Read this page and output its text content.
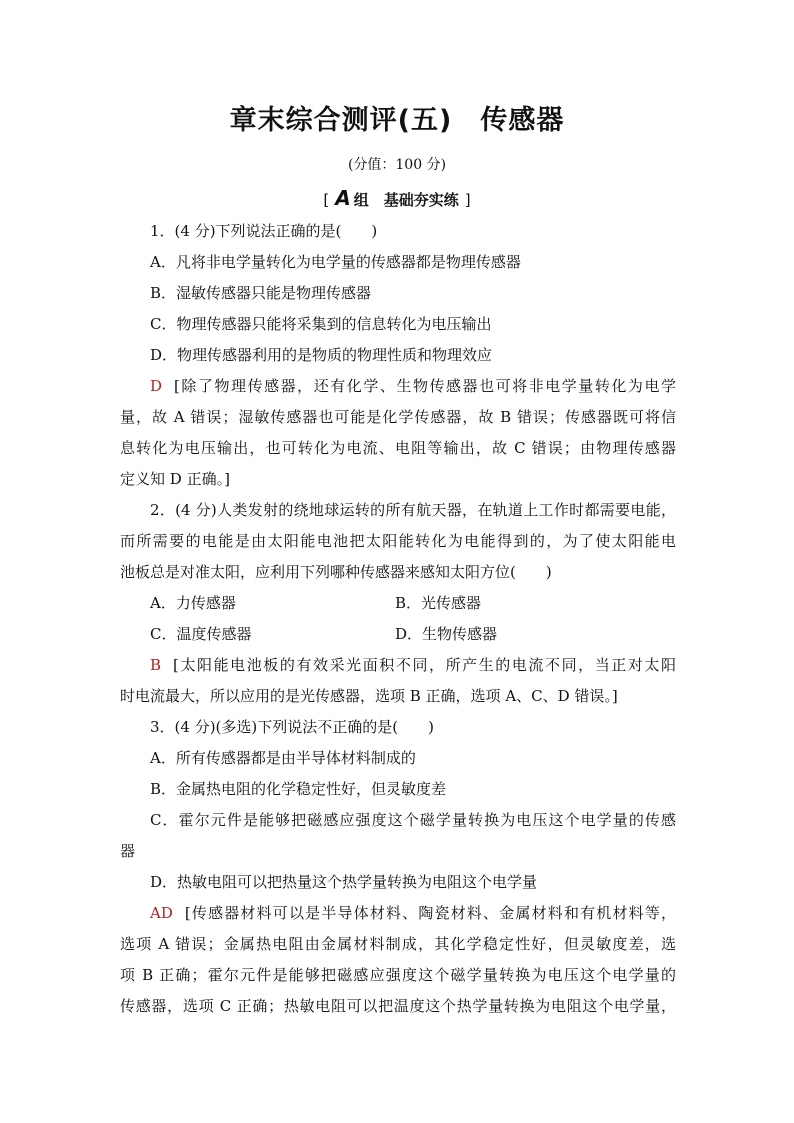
章末综合测评(五) 传感器
(分值：100 分)
[ A 组　基础夯实练 ]

1．(4 分)下列说法正确的是(　　)

A．凡将非电学量转化为电学量的传感器都是物理传感器

B．湿敏传感器只能是物理传感器

C．物理传感器只能将采集到的信息转化为电压输出

D．物理传感器利用的是物质的物理性质和物理效应

D [除了物理传感器，还有化学、生物传感器也可将非电学量转化为电学

量，故 A 错误；湿敏传感器也可能是化学传感器，故 B 错误；传感器既可将信

息转化为电压输出，也可转化为电流、电阻等输出，故 C 错误；由物理传感器

定义知 D 正确。]

2．(4 分)人类发射的绕地球运转的所有航天器，在轨道上工作时都需要电能，

而所需要的电能是由太阳能电池把太阳能转化为电能得到的，为了使太阳能电

池板总是对准太阳，应利用下列哪种传感器来感知太阳方位(　　)

A．力传感器	B．光传感器
C．温度传感器	D．生物传感器

B [太阳能电池板的有效采光面积不同，所产生的电流不同，当正对太阳

时电流最大，所以应用的是光传感器，选项 B 正确，选项 A、C、D 错误。]

3．(4 分)(多选)下列说法不正确的是(　　)

A．所有传感器都是由半导体材料制成的

B．金属热电阻的化学稳定性好，但灵敏度差

C．霍尔元件是能够把磁感应强度这个磁学量转换为电压这个电学量的传感

器

D．热敏电阻可以把热量这个热学量转换为电阻这个电学量

AD [传感器材料可以是半导体材料、陶瓷材料、金属材料和有机材料等，

选项 A 错误；金属热电阻由金属材料制成，其化学稳定性好，但灵敏度差，选

项 B 正确；霍尔元件是能够把磁感应强度这个磁学量转换为电压这个电学量的

传感器，选项 C 正确；热敏电阻可以把温度这个热学量转换为电阻这个电学量，
